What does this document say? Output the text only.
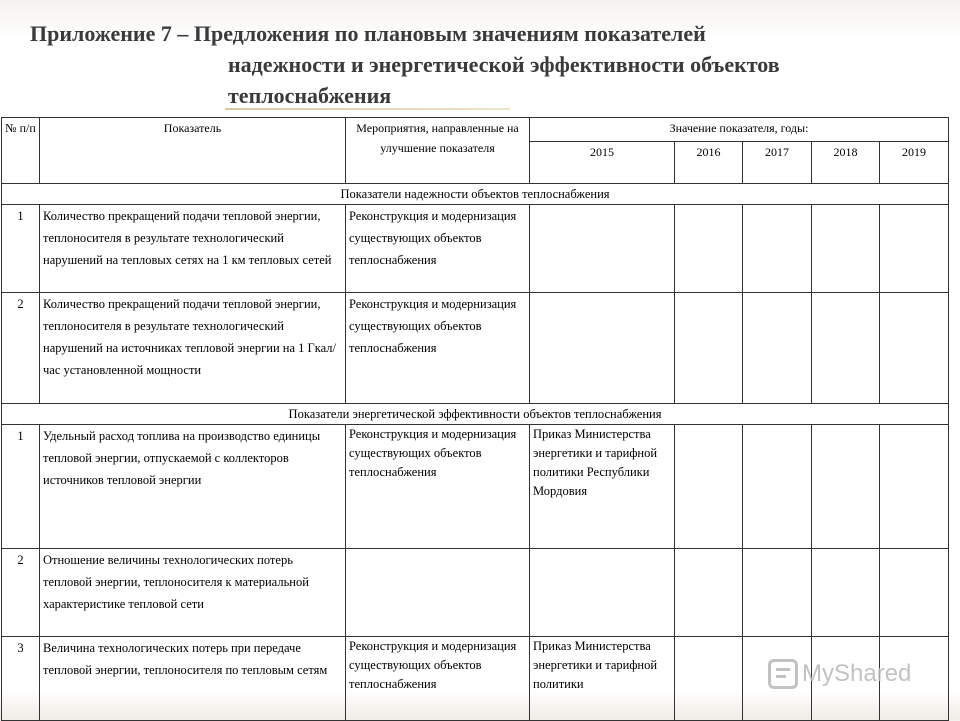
Приложение 7 – Предложения по плановым значениям показателей
надежности и энергетической эффективности объектов
теплоснабжения
№ п/п	Показатель	Мероприятия, направленные на улучшение показателя	Значение показателя, годы:				
			2015	2016	2017	2018	2019
Показатели надежности объектов теплоснабжения							
1	Количество прекращений подачи тепловой энергии, теплоносителя в результате технологический нарушений на тепловых сетях на 1 км тепловых сетей	Реконструкция и модернизация существующих объектов теплоснабжения					
2	Количество прекращений подачи тепловой энергии, теплоносителя в результате технологический нарушений на источниках тепловой энергии на 1 Гкал/час установленной мощности	Реконструкция и модернизация существующих объектов теплоснабжения					
Показатели энергетической эффективности объектов теплоснабжения							
1	Удельный расход топлива на производство единицы тепловой энергии, отпускаемой с коллекторов источников тепловой энергии	Реконструкция и модернизация существующих объектов теплоснабжения	Приказ Министерства энергетики и тарифной политики Республики Мордовия				
2	Отношение величины технологических потерь тепловой энергии, теплоносителя к материальной характеристике тепловой сети						
3	Величина технологических потерь при передаче тепловой энергии, теплоносителя по тепловым сетям	Реконструкция и модернизация существующих объектов теплоснабжения	Приказ Министерства энергетики и тарифной политики					MyShared
